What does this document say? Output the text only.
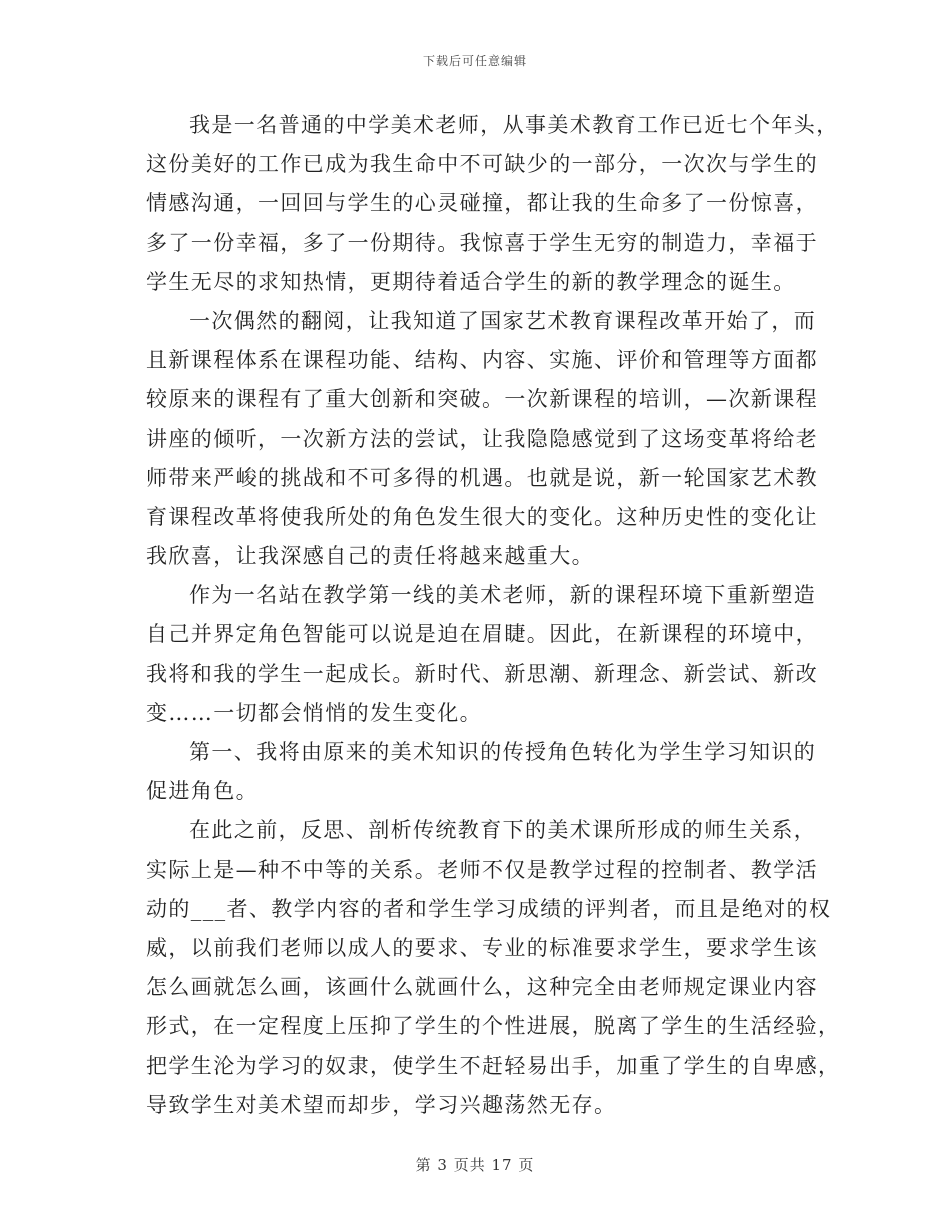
下载后可任意编辑
我是一名普通的中学美术老师，从事美术教育工作已近七个年头，
这份美好的工作已成为我生命中不可缺少的一部分，一次次与学生的
情感沟通，一回回与学生的心灵碰撞，都让我的生命多了一份惊喜，
多了一份幸福，多了一份期待。我惊喜于学生无穷的制造力，幸福于
学生无尽的求知热情，更期待着适合学生的新的教学理念的诞生。
一次偶然的翻阅，让我知道了国家艺术教育课程改革开始了，而
且新课程体系在课程功能、结构、内容、实施、评价和管理等方面都
较原来的课程有了重大创新和突破。一次新课程的培训，—次新课程
讲座的倾听，一次新方法的尝试，让我隐隐感觉到了这场变革将给老
师带来严峻的挑战和不可多得的机遇。也就是说，新一轮国家艺术教
育课程改革将使我所处的角色发生很大的变化。这种历史性的变化让
我欣喜，让我深感自己的责任将越来越重大。
作为一名站在教学第一线的美术老师，新的课程环境下重新塑造
自己并界定角色智能可以说是迫在眉睫。因此，在新课程的环境中，
我将和我的学生一起成长。新时代、新思潮、新理念、新尝试、新改
变……一切都会悄悄的发生变化。
第一、我将由原来的美术知识的传授角色转化为学生学习知识的
促进角色。
在此之前，反思、剖析传统教育下的美术课所形成的师生关系，
实际上是—种不中等的关系。老师不仅是教学过程的控制者、教学活
动的___者、教学内容的者和学生学习成绩的评判者，而且是绝对的权
威，以前我们老师以成人的要求、专业的标准要求学生，要求学生该
怎么画就怎么画，该画什么就画什么，这种完全由老师规定课业内容
形式，在一定程度上压抑了学生的个性进展，脱离了学生的生活经验，
把学生沦为学习的奴隶，使学生不赶轻易出手，加重了学生的自卑感，
导致学生对美术望而却步，学习兴趣荡然无存。
第 3 页共 17 页
